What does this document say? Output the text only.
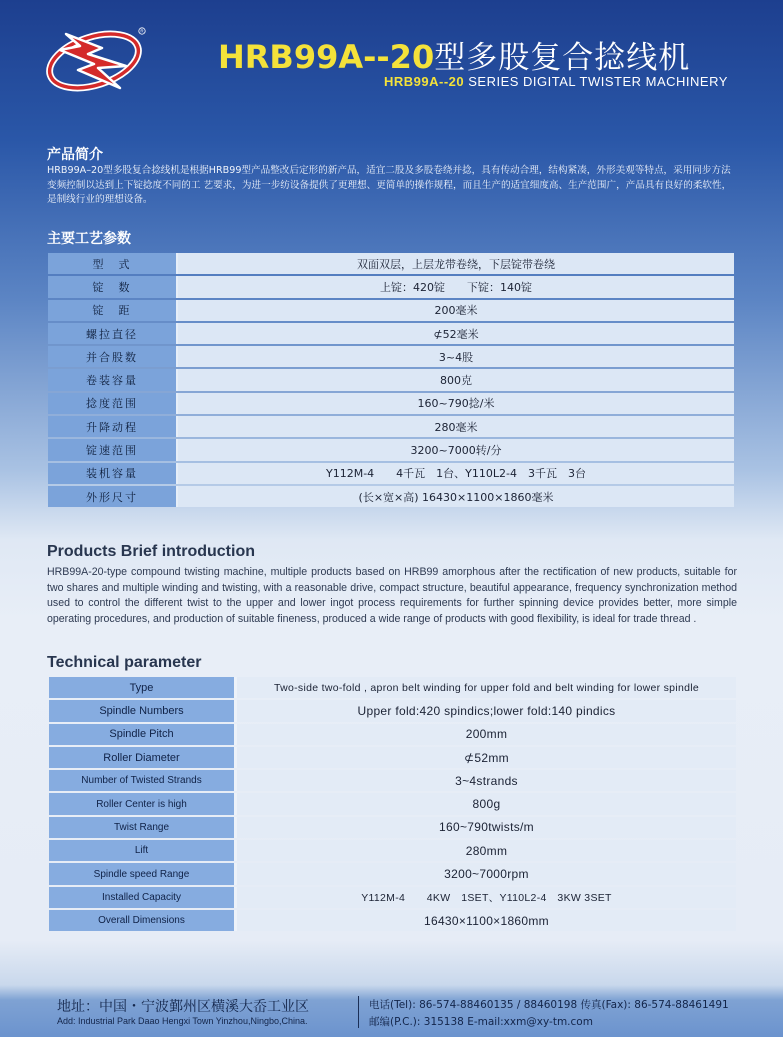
R
HRB99A--20型多股复合捻线机

HRB99A--20 SERIES DIGITAL TWISTER MACHINERY

产品简介

HRB99A–20型多股复合捻线机是根据HRB99型产品整改后定形的新产品，适宜二股及多股卷绕并捻，具有传动合理，结构紧凑，外形美观等特点，采用同步方法变频控制以达到上下锭捻度不同的工 艺要求，为进一步纺设备提供了更理想、更简单的操作规程，而且生产的适宜细度高、生产范围广，产品具有良好的柔软性，是制线行业的理想设备。

主要工艺参数
型　式	双面双层，上层龙带卷绕，下层锭带卷绕
锭　数	上锭：420锭　　下锭：140锭
锭　距	200毫米
螺拉直径	⊄52毫米
并合股数	3~4股
卷装容量	800克
捻度范围	160~790捻/米
升降动程	280毫米
锭速范围	3200~7000转/分
装机容量	Y112M-4　　4千瓦　1台、Y110L2-4　3千瓦　3台
外形尺寸	(长×宽×高) 16430×1100×1860毫米
Products Brief introduction

HRB99A-20-type compound twisting machine, multiple products based on HRB99 amorphous after the rectification of new products, suitable for two shares and multiple winding and twisting, with a reasonable drive, compact structure, beautiful appearance, frequency synchronization method used to control the different twist to the upper and lower ingot process requirements for further spinning device provides better, more simple operating procedures, and production of suitable fineness, produced a wide range of products with good flexibility, is ideal for trade thread .

Technical parameter
Type	Two-side two-fold , apron belt winding for upper fold and belt winding for lower spindle
Spindle Numbers	Upper fold:420 spindics;lower fold:140 pindics
Spindle Pitch	200mm
Roller Diameter	⊄52mm
Number of Twisted Strands	3~4strands
Roller Center is high	800g
Twist Range	160~790twists/m
Lift	280mm
Spindle speed Range	3200~7000rpm
Installed Capacity	Y112M-4　　4KW　1SET、Y110L2-4　3KW 3SET
Overall Dimensions	16430×1100×1860mm

地址：中国・宁波鄞州区横溪大岙工业区

Add: Industrial Park Daao Hengxi Town Yinzhou,Ningbo,China.

电话(Tel): 86-574-88460135 / 88460198 传真(Fax): 86-574-88461491

邮编(P.C.): 315138 E-mail:xxm@xy-tm.com
